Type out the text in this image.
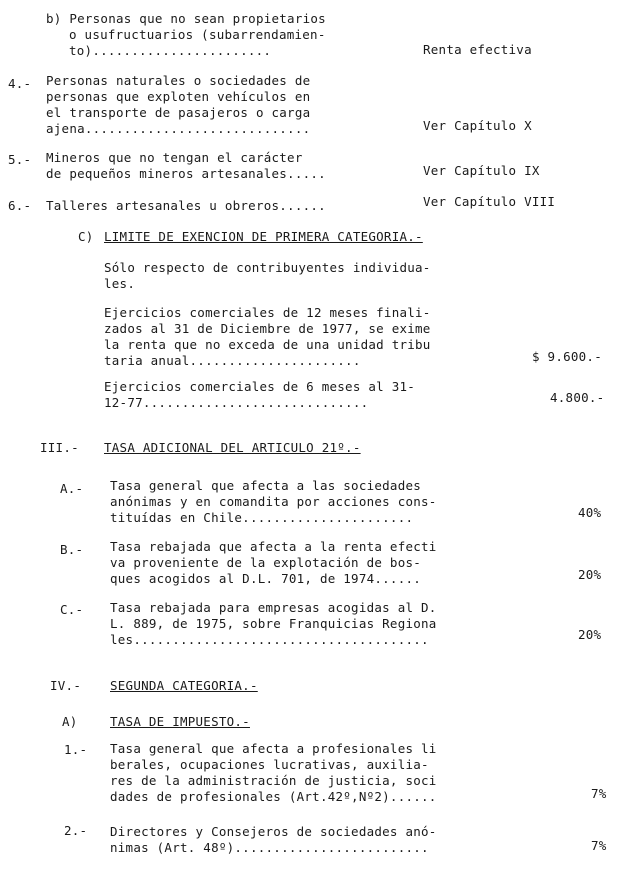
b) Personas que no sean propietarios
o usufructuarios (subarrendamien-
to).......................	Renta efectiva
4.- Personas naturales o sociedades de
personas que exploten vehículos en
el transporte de pasajeros o carga
ajena.............................	Ver Capítulo X
5.- Mineros que no tengan el carácter
de pequeños mineros artesanales.....	Ver Capítulo IX
6.- Talleres artesanales u obreros......	Ver Capítulo VIII
C) LIMITE DE EXENCION DE PRIMERA CATEGORIA.-
Sólo respecto de contribuyentes individua-
les.
Ejercicios comerciales de 12 meses finali-
zados al 31 de Diciembre de 1977, se exime
la renta que no exceda de una unidad tribu
taria anual......................	$ 9.600.-
Ejercicios comerciales de 6 meses al 31-
12-77.............................	4.800.-
III.- TASA ADICIONAL DEL ARTICULO 21º.-
A.- Tasa general que afecta a las sociedades
anónimas y en comandita por acciones cons-
tituídas en Chile......................	40%
B.- Tasa rebajada que afecta a la renta efecti
va proveniente de la explotación de bos-
ques acogidos al D.L. 701, de 1974......	20%
C.- Tasa rebajada para empresas acogidas al D.
L. 889, de 1975, sobre Franquicias Regiona
les......................................	20%
IV.- SEGUNDA CATEGORIA.-
A)	TASA DE IMPUESTO.-
1.- Tasa general que afecta a profesionales li
berales, ocupaciones lucrativas, auxilia-
res de la administración de justicia, soci
dades de profesionales (Art.42º,Nº2)......	7%
2.- Directores y Consejeros de sociedades anó-
nimas (Art. 48º).........................	7%
